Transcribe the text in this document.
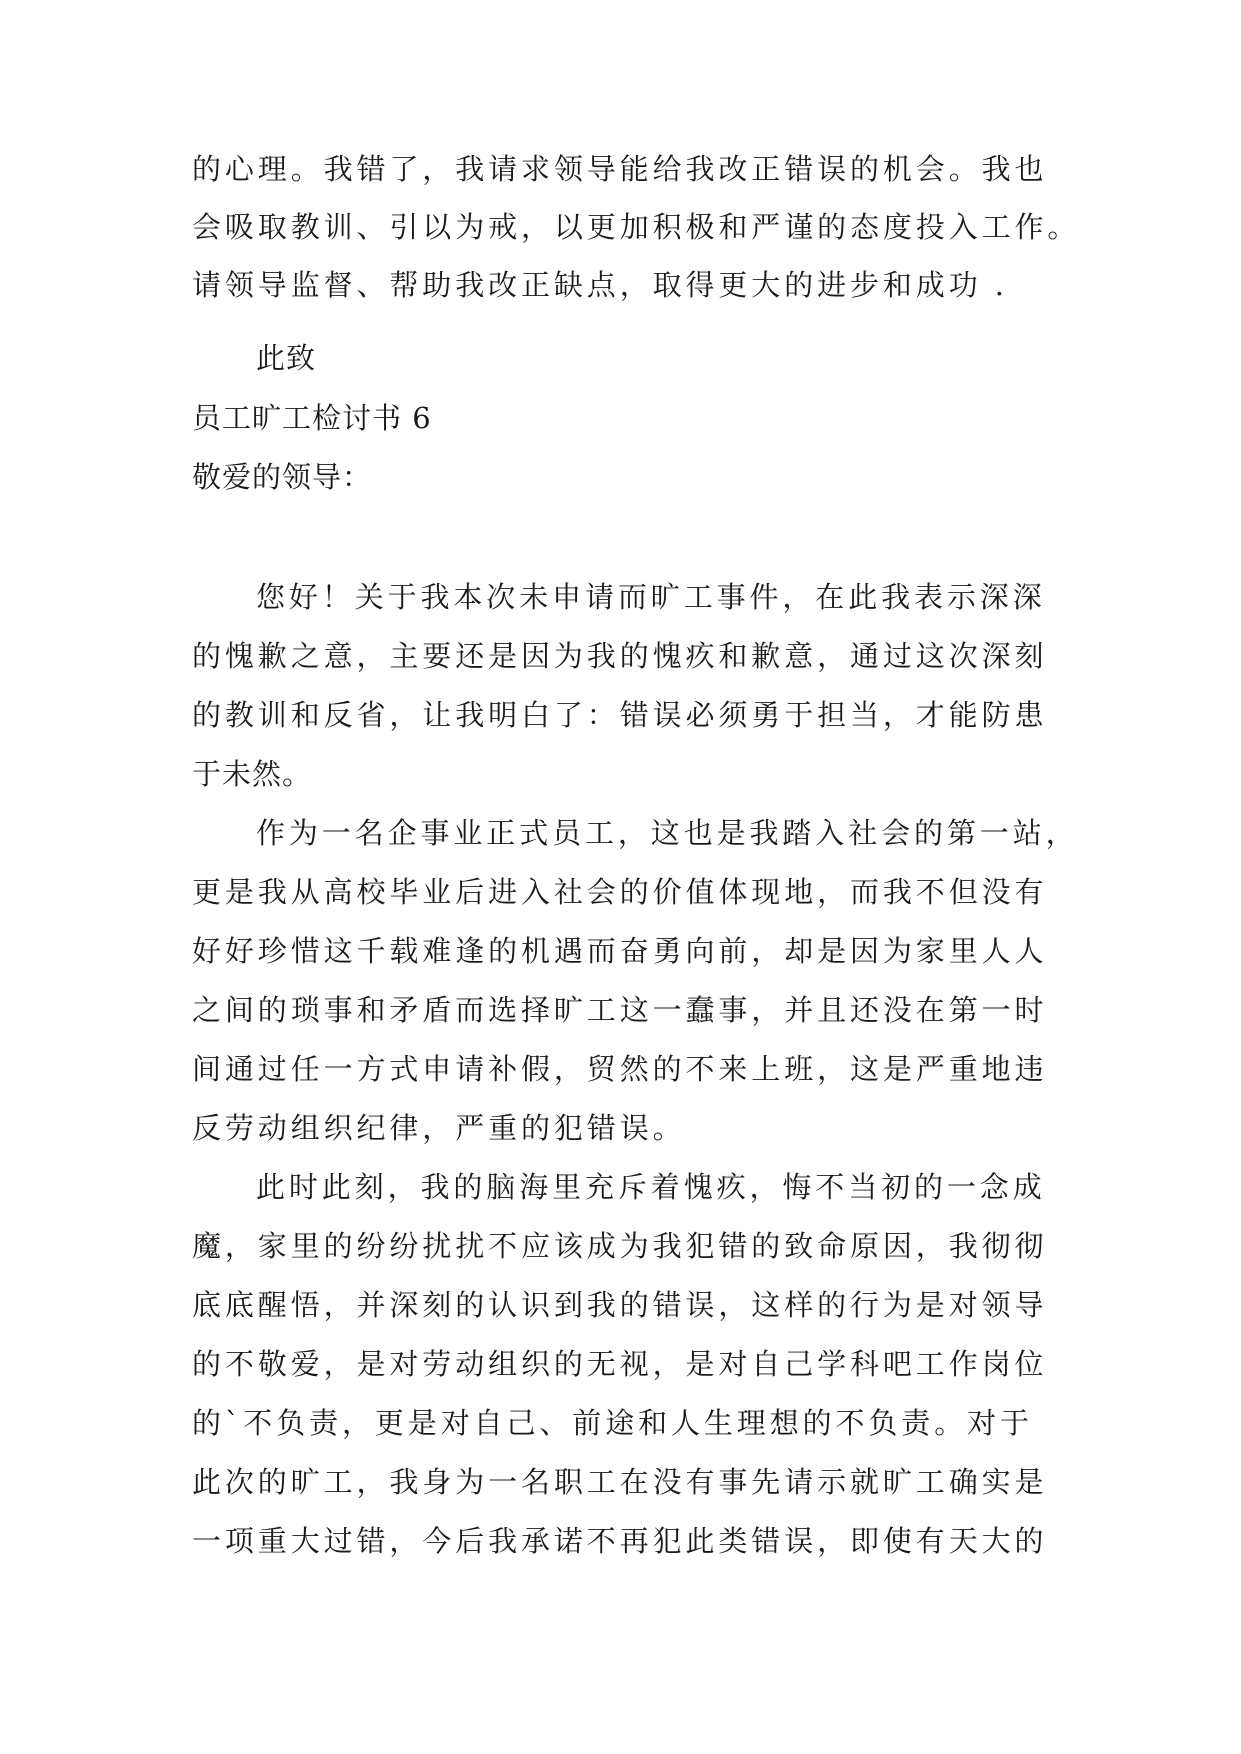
的心理。我错了，我请求领导能给我改正错误的机会。我也
会吸取教训、引以为戒，以更加积极和严谨的态度投入工作。
请领导监督、帮助我改正缺点，取得更大的进步和成功 .
此致
员工旷工检讨书 6
敬爱的领导：
您好！关于我本次未申请而旷工事件，在此我表示深深
的愧歉之意，主要还是因为我的愧疚和歉意，通过这次深刻
的教训和反省，让我明白了：错误必须勇于担当，才能防患
于未然。
作为一名企事业正式员工，这也是我踏入社会的第一站，
更是我从高校毕业后进入社会的价值体现地，而我不但没有
好好珍惜这千载难逢的机遇而奋勇向前，却是因为家里人人
之间的琐事和矛盾而选择旷工这一蠢事，并且还没在第一时
间通过任一方式申请补假，贸然的不来上班，这是严重地违
反劳动组织纪律，严重的犯错误。
此时此刻，我的脑海里充斥着愧疚，悔不当初的一念成
魔，家里的纷纷扰扰不应该成为我犯错的致命原因，我彻彻
底底醒悟，并深刻的认识到我的错误，这样的行为是对领导
的不敬爱，是对劳动组织的无视，是对自己学科吧工作岗位
的`不负责，更是对自己、前途和人生理想的不负责。对于
此次的旷工，我身为一名职工在没有事先请示就旷工确实是
一项重大过错，今后我承诺不再犯此类错误，即使有天大的
